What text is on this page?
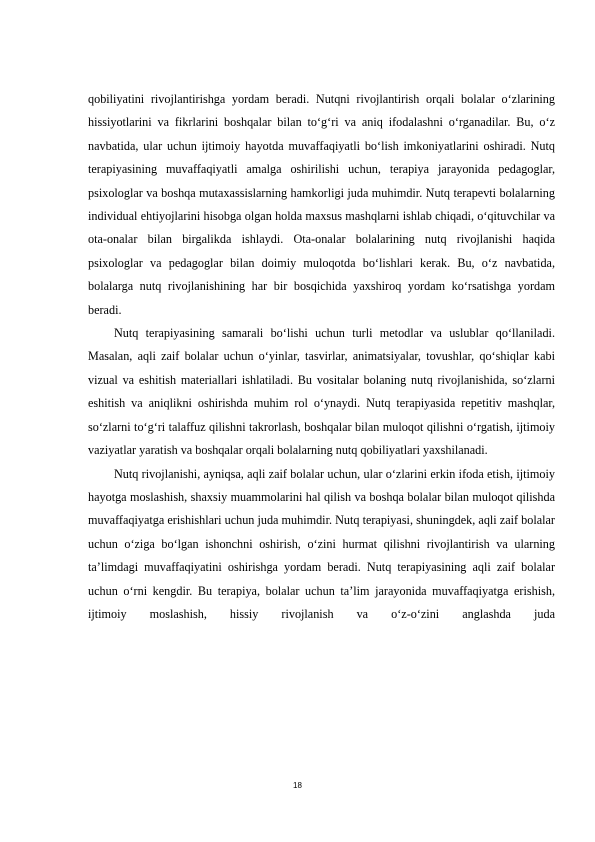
qobiliyatini rivojlantirishga yordam beradi. Nutqni rivojlantirish orqali bolalar o‘zlarining hissiyotlarini va fikrlarini boshqalar bilan to‘g‘ri va aniq ifodalashni o‘rganadilar. Bu, o‘z navbatida, ular uchun ijtimoiy hayotda muvaffaqiyatli bo‘lish imkoniyatlarini oshiradi. Nutq terapiyasining muvaffaqiyatli amalga oshirilishi uchun, terapiya jarayonida pedagoglar, psixologlar va boshqa mutaxassislarning hamkorligi juda muhimdir. Nutq terapevti bolalarning individual ehtiyojlarini hisobga olgan holda maxsus mashqlarni ishlab chiqadi, o‘qituvchilar va ota-onalar bilan birgalikda ishlaydi. Ota-onalar bolalarining nutq rivojlanishi haqida psixologlar va pedagoglar bilan doimiy muloqotda bo‘lishlari kerak. Bu, o‘z navbatida, bolalarga nutq rivojlanishining har bir bosqichida yaxshiroq yordam ko‘rsatishga yordam beradi.

Nutq terapiyasining samarali bo‘lishi uchun turli metodlar va uslublar qo‘llaniladi. Masalan, aqli zaif bolalar uchun o‘yinlar, tasvirlar, animatsiyalar, tovushlar, qo‘shiqlar kabi vizual va eshitish materiallari ishlatiladi. Bu vositalar bolaning nutq rivojlanishida, so‘zlarni eshitish va aniqlikni oshirishda muhim rol o‘ynaydi. Nutq terapiyasida repetitiv mashqlar, so‘zlarni to‘g‘ri talaffuz qilishni takrorlash, boshqalar bilan muloqot qilishni o‘rgatish, ijtimoiy vaziyatlar yaratish va boshqalar orqali bolalarning nutq qobiliyatlari yaxshilanadi.

Nutq rivojlanishi, ayniqsa, aqli zaif bolalar uchun, ular o‘zlarini erkin ifoda etish, ijtimoiy hayotga moslashish, shaxsiy muammolarini hal qilish va boshqa bolalar bilan muloqot qilishda muvaffaqiyatga erishishlari uchun juda muhimdir. Nutq terapiyasi, shuningdek, aqli zaif bolalar uchun o‘ziga bo‘lgan ishonchni oshirish, o‘zini hurmat qilishni rivojlantirish va ularning ta’limdagi muvaffaqiyatini oshirishga yordam beradi. Nutq terapiyasining aqli zaif bolalar uchun o‘rni kengdir. Bu terapiya, bolalar uchun ta’lim jarayonida muvaffaqiyatga erishish, ijtimoiy moslashish, hissiy rivojlanish va o‘z-o‘zini anglashda juda

18
